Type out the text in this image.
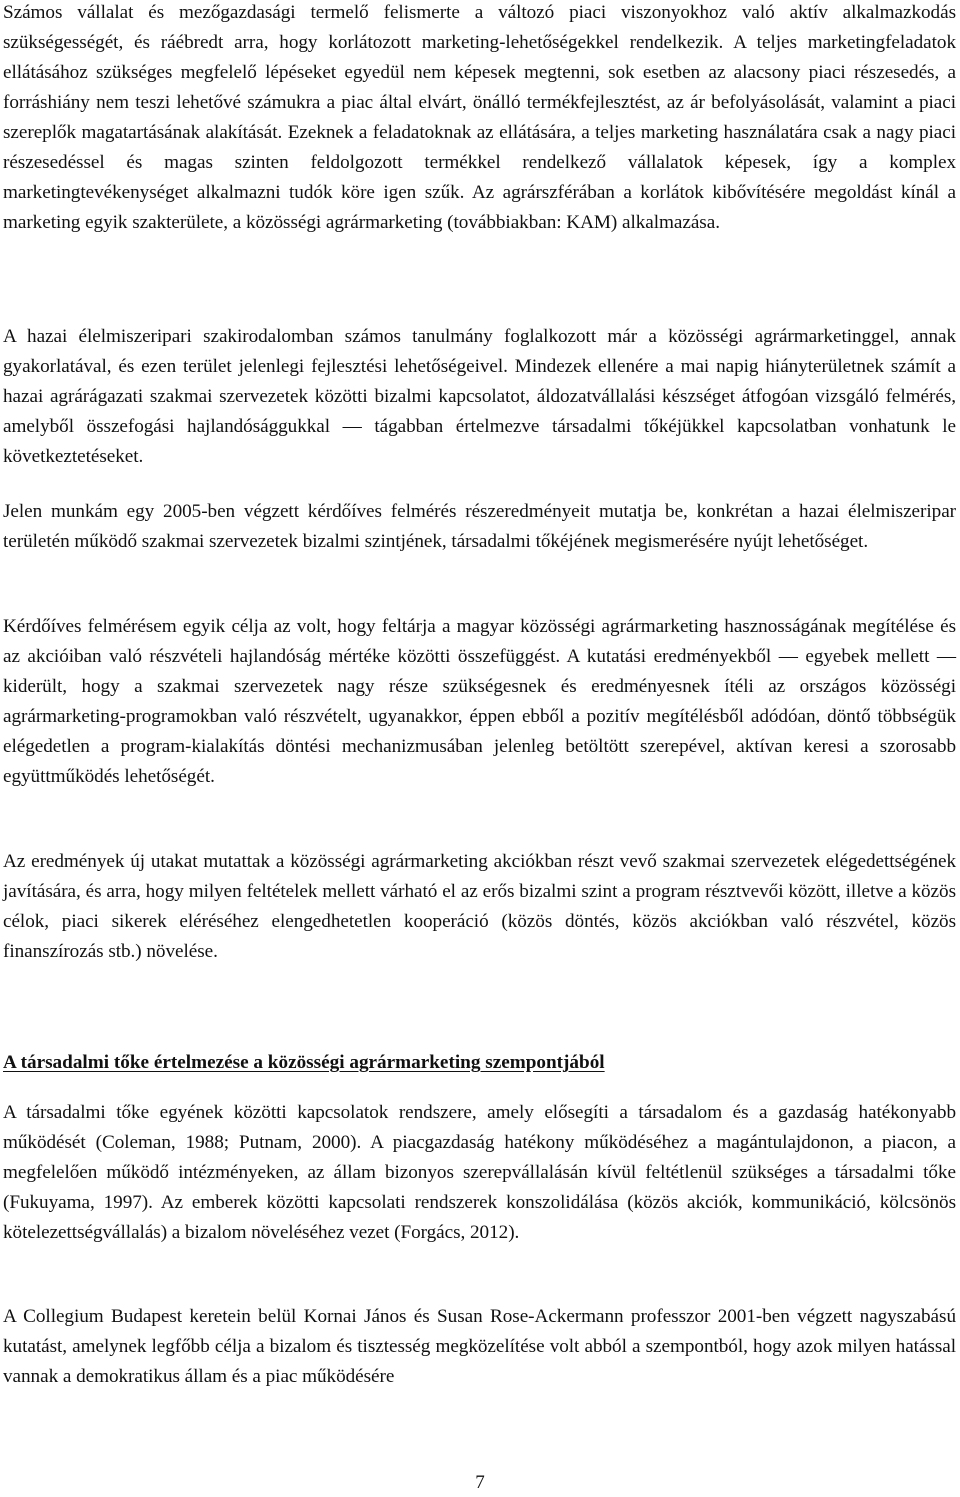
Számos vállalat és mezőgazdasági termelő felismerte a változó piaci viszonyokhoz való aktív alkalmazkodás szükségességét, és ráébredt arra, hogy korlátozott marketing-lehetőségekkel rendelkezik. A teljes marketingfeladatok ellátásához szükséges megfelelő lépéseket egyedül nem képesek megtenni, sok esetben az alacsony piaci részesedés, a forráshiány nem teszi lehetővé számukra a piac által elvárt, önálló termékfejlesztést, az ár befolyásolását, valamint a piaci szereplők magatartásának alakítását. Ezeknek a feladatoknak az ellátására, a teljes marketing használatára csak a nagy piaci részesedéssel és magas szinten feldolgozott termékkel rendelkező vállalatok képesek, így a komplex marketingtevékenységet alkalmazni tudók köre igen szűk. Az agrárszférában a korlátok kibővítésére megoldást kínál a marketing egyik szakterülete, a közösségi agrármarketing (továbbiakban: KAM) alkalmazása.

A hazai élelmiszeripari szakirodalomban számos tanulmány foglalkozott már a közösségi agrármarketinggel, annak gyakorlatával, és ezen terület jelenlegi fejlesztési lehetőségeivel. Mindezek ellenére a mai napig hiányterületnek számít a hazai agrárágazati szakmai szervezetek közötti bizalmi kapcsolatot, áldozatvállalási készséget átfogóan vizsgáló felmérés, amelyből összefogási hajlandósággukkal — tágabban értelmezve társadalmi tőkéjükkel kapcsolatban vonhatunk le következtetéseket.

Jelen munkám egy 2005-ben végzett kérdőíves felmérés részeredményeit mutatja be, konkrétan a hazai élelmiszeripar területén működő szakmai szervezetek bizalmi szintjének, társadalmi tőkéjének megismerésére nyújt lehetőséget.

Kérdőíves felmérésem egyik célja az volt, hogy feltárja a magyar közösségi agrármarketing hasznosságának megítélése és az akcióiban való részvételi hajlandóság mértéke közötti összefüggést. A kutatási eredményekből — egyebek mellett — kiderült, hogy a szakmai szervezetek nagy része szükségesnek és eredményesnek ítéli az országos közösségi agrármarketing-programokban való részvételt, ugyanakkor, éppen ebből a pozitív megítélésből adódóan, döntő többségük elégedetlen a program-kialakítás döntési mechanizmusában jelenleg betöltött szerepével, aktívan keresi a szorosabb együttműködés lehetőségét.

Az eredmények új utakat mutattak a közösségi agrármarketing akciókban részt vevő szakmai szervezetek elégedettségének javítására, és arra, hogy milyen feltételek mellett várható el az erős bizalmi szint a program résztvevői között, illetve a közös célok, piaci sikerek eléréséhez elengedhetetlen kooperáció (közös döntés, közös akciókban való részvétel, közös finanszírozás stb.) növelése.

A társadalmi tőke értelmezése a közösségi agrármarketing szempontjából

A társadalmi tőke egyének közötti kapcsolatok rendszere, amely elősegíti a társadalom és a gazdaság hatékonyabb működését (Coleman, 1988; Putnam, 2000). A piacgazdaság hatékony működéséhez a magántulajdonon, a piacon, a megfelelően működő intézményeken, az állam bizonyos szerepvállalásán kívül feltétlenül szükséges a társadalmi tőke (Fukuyama, 1997). Az emberek közötti kapcsolati rendszerek konszolidálása (közös akciók, kommunikáció, kölcsönös kötelezettségvállalás) a bizalom növeléséhez vezet (Forgács, 2012).

A Collegium Budapest keretein belül Kornai János és Susan Rose-Ackermann professzor 2001-ben végzett nagyszabású kutatást, amelynek legfőbb célja a bizalom és tisztesség megközelítése volt abból a szempontból, hogy azok milyen hatással vannak a demokratikus állam és a piac működésére

7
